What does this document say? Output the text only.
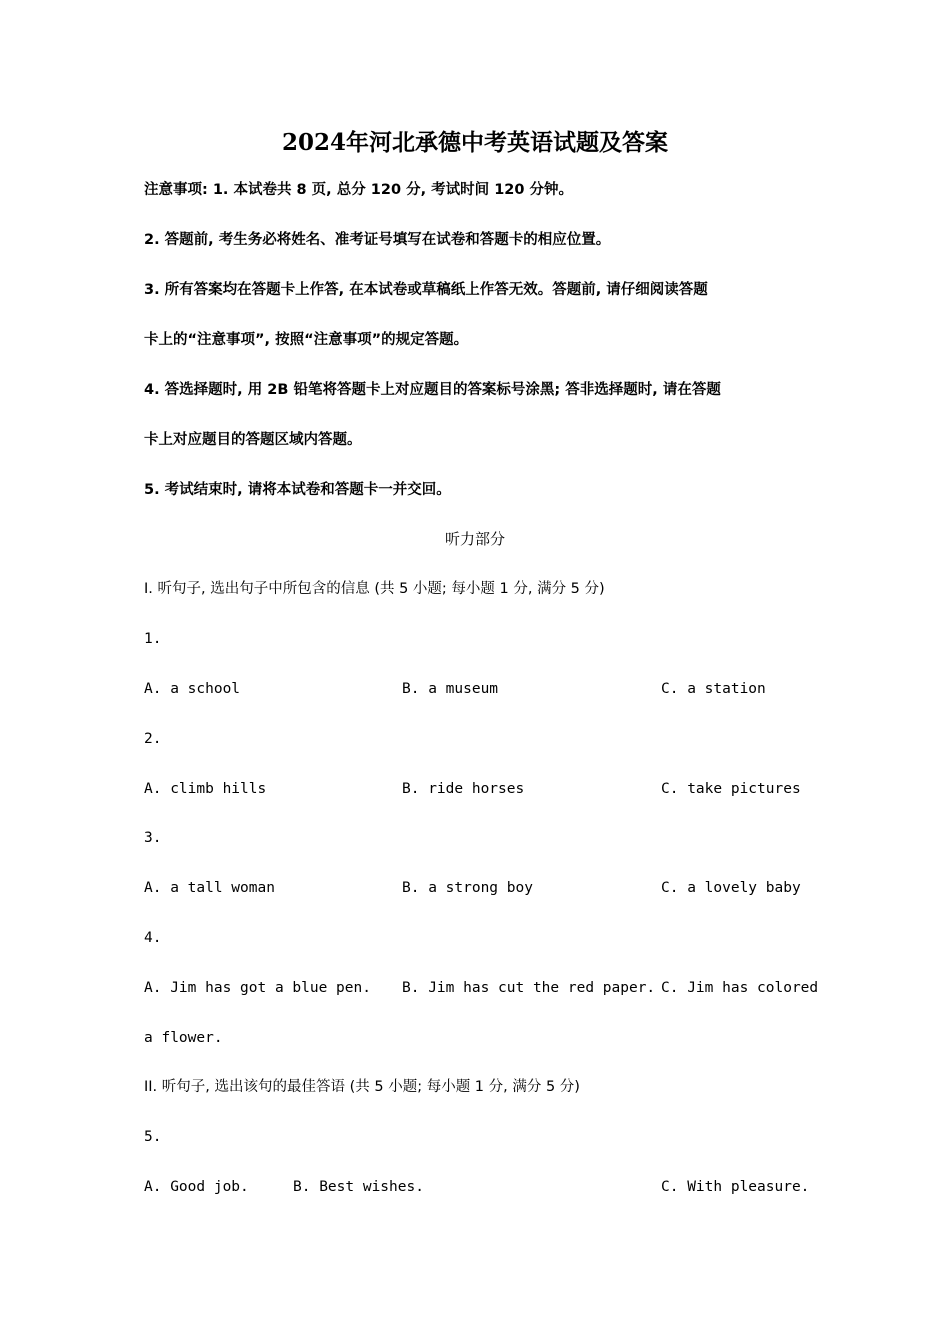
2024年河北承德中考英语试题及答案
注意事项: 1. 本试卷共 8 页, 总分 120 分, 考试时间 120 分钟。
2. 答题前, 考生务必将姓名、准考证号填写在试卷和答题卡的相应位置。
3. 所有答案均在答题卡上作答, 在本试卷或草稿纸上作答无效。答题前, 请仔细阅读答题
卡上的“注意事项”, 按照“注意事项”的规定答题。
4. 答选择题时, 用 2B 铅笔将答题卡上对应题目的答案标号涂黑; 答非选择题时, 请在答题
卡上对应题目的答题区域内答题。
5. 考试结束时, 请将本试卷和答题卡一并交回。
听力部分
I. 听句子, 选出句子中所包含的信息 (共 5 小题; 每小题 1 分, 满分 5 分)
1.
A. a school	B. a museum	C. a station
2.
A. climb hills	B. ride horses	C. take pictures
3.
A. a tall woman	B. a strong boy	C. a lovely baby
4.
A. Jim has got a blue pen. B. Jim has cut the red paper. C. Jim has colored
a flower.
II. 听句子, 选出该句的最佳答语 (共 5 小题; 每小题 1 分, 满分 5 分)
5.
A. Good job.	B. Best wishes.	C. With pleasure.
